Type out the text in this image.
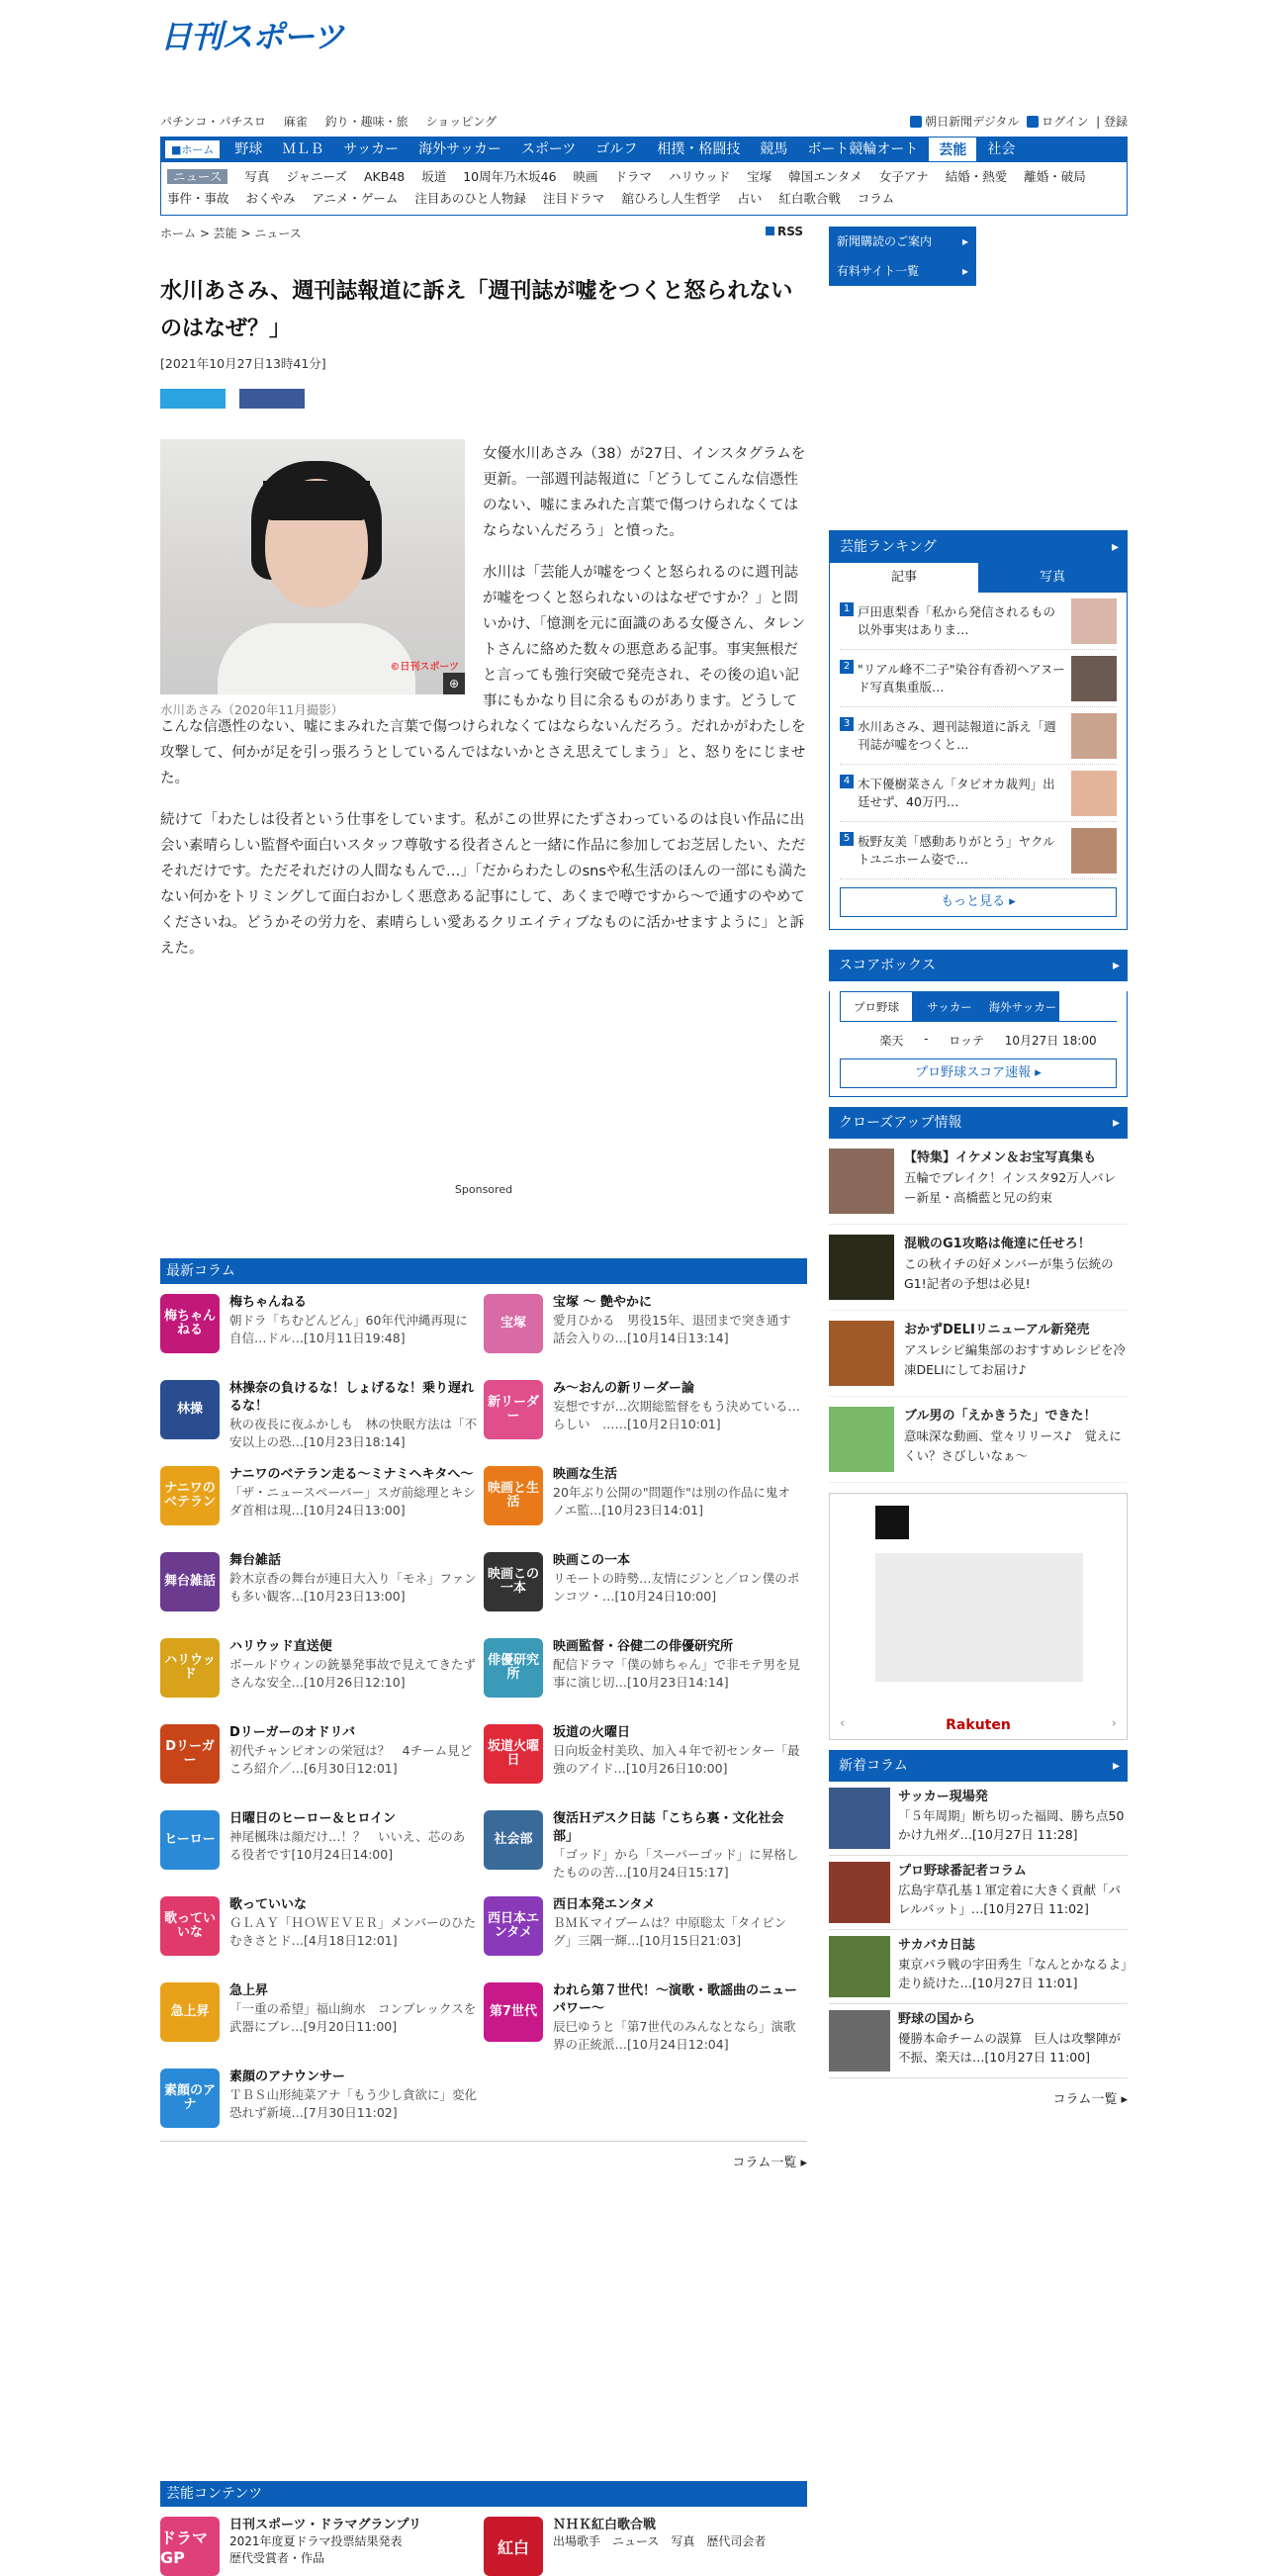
日刊スポーツ
パチンコ・パチスロ 麻雀 釣り・趣味・旅 ショッピング	朝日新聞デジタル ログイン  | 登録
■ホーム	野球	ＭＬＢ	サッカー	海外サッカー	スポーツ	ゴルフ	相撲・格闘技	競馬	ボート競輪オート	芸能	社会
ニュース 写真 ジャニーズ AKB48 坂道 10周年乃木坂46 映画 ドラマ ハリウッド 宝塚 韓国エンタメ 女子アナ 結婚・熱愛 離婚・破局
事件・事故 おくやみ アニメ・ゲーム 注目あのひと人物録 注目ドラマ 舘ひろし人生哲学 占い 紅白歌合戦 コラム
ホーム > 芸能 > ニュース	RSS
新聞購読のご案内 ▸ 有料サイト一覧 ▸
水川あさみ、週刊誌報道に訴え「週刊誌が嘘をつくと怒られないのはなぜ？」
[2021年10月27日13時41分]

©日刊スポーツ
⊕
水川あさみ（2020年11月撮影）

女優水川あさみ（38）が27日、インスタグラムを更新。一部週刊誌報道に「どうしてこんな信憑性のない、嘘にまみれた言葉で傷つけられなくてはならないんだろう」と憤った。

水川は「芸能人が嘘をつくと怒られるのに週刊誌が嘘をつくと怒られないのはなぜですか？」と問いかけ、「憶測を元に面識のある女優さん、タレントさんに絡めた数々の悪意ある記事。事実無根だと言っても強行突破で発売され、その後の追い記事にもかなり目に余るものがあります。どうしてこんな信憑性のない、嘘にまみれた言葉で傷つけられなくてはならないんだろう。だれかがわたしを攻撃して、何かが足を引っ張ろうとしているんではないかとさえ思えてしまう」と、怒りをにじませた。

続けて「わたしは役者という仕事をしています。私がこの世界にたずさわっているのは良い作品に出会い素晴らしい監督や面白いスタッフ尊敬する役者さんと一緒に作品に参加してお芝居したい、ただそれだけです。ただそれだけの人間なもんで…」「だからわたしのsnsや私生活のほんの一部にも満たない何かをトリミングして面白おかしく悪意ある記事にして、あくまで噂ですから～で通すのやめてくださいね。どうかその労力を、素晴らしい愛あるクリエイティブなものに活かせますように」と訴えた。

Sponsored
最新コラム
梅ちゃんねる
梅ちゃんねる
朝ドラ「ちむどんどん」60年代沖縄再現に自信…ドル…[10月11日19:48]
宝塚
宝塚 〜 艶やかに
愛月ひかる　男役15年、退団まで突き通す話会入りの…[10月14日13:14]
林操
林操奈の負けるな！しょげるな！乗り遅れるな！
秋の夜長に夜ふかしも　林の快眠方法は「不安以上の恐…[10月23日18:14]
新リーダー
み～おんの新リーダー論
妄想ですが…次期総監督をもう決めている…らしい　……[10月2日10:01]
ナニワのベテラン
ナニワのベテラン走る〜ミナミヘキタへ〜
「ザ・ニュースペーパー」スガ前総理とキシダ首相は現…[10月24日13:00]
映画と生活
映画な生活
20年ぶり公開の"問題作"は別の作品に鬼オノエ監…[10月23日14:01]
舞台雑話
舞台雑話
鈴木京香の舞台が連日大入り「モネ」ファンも多い観客…[10月23日13:00]
映画この一本
映画この一本
リモートの時勢…友情にジンと／ロン僕のポンコツ・…[10月24日10:00]
ハリウッド
ハリウッド直送便
ボールドウィンの銃暴発事故で見えてきたずさんな安全…[10月26日12:10]
俳優研究所
映画監督・谷健二の俳優研究所
配信ドラマ「僕の姉ちゃん」で非モテ男を見事に演じ切…[10月23日14:14]
Dリーガー
Dリーガーのオドリバ
初代チャンピオンの栄冠は？　4チーム見どころ紹介／…[6月30日12:01]
坂道火曜日
坂道の火曜日
日向坂金村美玖、加入４年で初センター「最強のアイド…[10月26日10:00]
ヒーロー
日曜日のヒーロー＆ヒロイン
神尾楓珠は顔だけ…！？　いいえ、芯のある役者です[10月24日14:00]
社会部
復活Ｈデスク日誌「こちら裏・文化社会部」
「ゴッド」から「スーパーゴッド」に昇格したものの苦…[10月24日15:17]
歌っていいな
歌っていいな
ＧＬＡＹ「ＨＯＷＥＶＥＲ」メンバーのひたむきさとド…[4月18日12:01]
西日本エンタメ
西日本発エンタメ
ＢＭＫマイブームは？中原聡太「タイピング」三隅一輝…[10月15日21:03]
急上昇
急上昇
「一重の希望」福山絢水　コンプレックスを武器にブレ…[9月20日11:00]
第7世代
われら第７世代！～演歌・歌謡曲のニューパワー～
辰巳ゆうと「第7世代のみんなとなら」演歌界の正統派…[10月24日12:04]
素顔のアナ
素顔のアナウンサー
ＴＢＳ山形純菜アナ「もう少し貪欲に」変化恐れず新境…[7月30日11:02]
コラム一覧 ▸
芸能コンテンツ
ドラマGP
日刊スポーツ・ドラマグランプリ
2021年度夏ドラマ投票結果発表
歴代受賞者・作品
紅白
ＮＨＫ紅白歌合戦
出場歌手　ニュース　写真　歴代司会者

芸能ランキング ▸
記事	写真
1 戸田恵梨香「私から発信されるもの以外事実はありま…
2 "リアル峰不二子"染谷有香初ヘアヌード写真集重版…
3 水川あさみ、週刊誌報道に訴え「週刊誌が嘘をつくと…
4 木下優樹菜さん「タピオカ裁判」出廷せず、40万円…
5 板野友美「感動ありがとう」ヤクルトユニホーム姿で…
もっと見る ▸
スコアボックス ▸
プロ野球	サッカー	海外サッカー
楽天 - ロッテ 10月27日 18:00
プロ野球スコア速報 ▸
クローズアップ情報 ▸
【特集】イケメン＆お宝写真集も
五輪でブレイク！インスタ92万人バレー新星・高橋藍と兄の約束
混戦のG1攻略は俺達に任せろ！
この秋イチの好メンバーが集う伝統のG1!記者の予想は必見!
おかずDELIリニューアル新発売
アスレシピ編集部のおすすめレシピを冷凍DELIにしてお届け♪
ブル男の「えかきうた」できた！
意味深な動画、堂々リリース♪　覚えにくい？さびしいなぁ～
Rakuten
‹	›
新着コラム ▸
サッカー現場発
「５年周期」断ち切った福岡、勝ち点50かけ九州ダ…[10月27日 11:28]
プロ野球番記者コラム
広島宇草孔基１軍定着に大きく貢献「パレルバット」…[10月27日 11:02]
サカバカ日誌
東京パラ戦の宇田秀生「なんとかなるよ」走り続けた…[10月27日 11:01]
野球の国から
優勝本命チームの誤算　巨人は攻撃陣が不振、楽天は…[10月27日 11:00]
コラム一覧 ▸
